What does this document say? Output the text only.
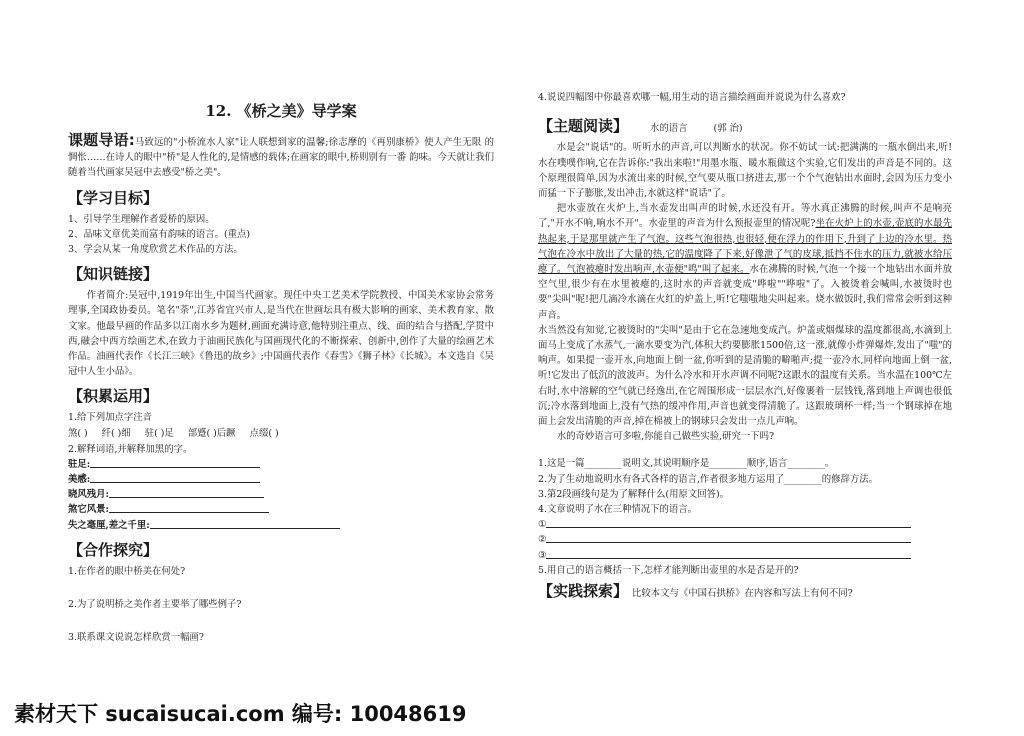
12. 《桥之美》导学案

课题导语:马致远的"小桥流水人家"让人联想到家的温馨;徐志摩的《再别康桥》使人产生无限 的惆怅……在诗人的眼中"桥"是人性化的,是情感的载体;在画家的眼中,桥则别有一番 韵味。今天就让我们随着当代画家吴冠中去感受"桥之美"。

【学习目标】

1、引导学生理解作者爱桥的原因。

2、品味文章优美而富有韵味的语言。(重点)

3、学会从某一角度欣赏艺术作品的方法。

【知识链接】

作者简介:吴冠中,1919年出生,中国当代画家。现任中央工艺美术学院教授、中国美术家协会常务理事,全国政协委员。笔名"荼",江苏省宜兴市人,是当代在世画坛具有极大影响的画家、美术教育家、散文家。他最早画的作品多以江南水乡为题材,画面充满诗意,他特别注重点、线、面的结合与搭配,学贯中西,融会中西方绘画艺术,在致力于油画民族化与国画现代化的不断探索、创新中,创作了大量的绘画艺术作品。油画代表作《长江三峡》《鲁迅的故乡》;中国画代表作《春雪》《狮子林》《长城》。本文选自《吴冠中人生小品》。

【积累运用】

1.给下列加点字注音

煞( ) 纤( )细 驻( )足 部蹙( )后蹶 点缀( )

2.解释词语,并解释加黑的字。

驻足:
美感:
晓风残月:
煞它风景:
失之毫厘,差之千里:
【合作探究】

1.在作者的眼中桥美在何处?

2.为了说明桥之美作者主要举了哪些例子?

3.联系课文说说怎样欣赏一幅画?

4.说说四幅图中你最喜欢哪一幅,用生动的语言描绘画面并说说为什么喜欢?

【主题阅读】 水的语言	(郭 治)

水是会"说话"的。听听水的声音,可以判断水的状况。你不妨试一试:把满满的一瓶水倒出来,听!水在噗噗作响,它在告诉你:"我出来啦!"用墨水瓶、暖水瓶做这个实验,它们发出的声音是不同的。这个原理很简单,因为水流出来的时候,空气要从瓶口挤进去,那一个个气泡钻出水面时,会因为压力变小而猛一下子膨胀,发出冲击,水就这样"说话"了。

把水壶放在火炉上,当水壶发出叫声的时候,水还没有开。等水真正沸腾的时候,叫声不是响亮了,"开水不响,响水不开"。水壶里的声音为什么预报壶里的情况呢?坐在火炉上的水壶,壶底的水最先热起来,于是那里就产生了气泡。这些气泡很热,也很轻,便在浮力的作用下,升到了上边的冷水里。热气泡在冷水中放出了大量的热,它的温度降了下来,好像泄了气的皮球,抵挡不住水的压力,就被水给压瘪了。气泡被瘪时发出响声,水壶便"鸣"叫了起来。水在沸腾的时候,气泡一个接一个地钻出水面并放空气里,很少有在水里被瘪的,这时水的声音就变成"哗啦""哗啦"了。入被烫着会喊叫,水被烫时也要"尖叫"呢!把几滴冷水滴在火红的炉盖上,听!它嗤嗤地尖叫起来。烧水做饭时,我们常常会听到这种声音。

水当然没有知觉,它被烫时的"尖叫"是由于它在急速地变成汽。炉盖或烟煤球的温度都很高,水滴到上面马上变成了水蒸气,一滴水要变为汽,体积大约要膨胀1500倍,这一涨,就像小炸弹爆炸,发出了"嗤"的响声。如果提一壶开水,向地面上倒一盆,你听到的是清脆的噼啪声;提一壶冷水,同样向地面上倒一盆,听!它发出了低沉的波波声。为什么冷水和开水声调不同呢?这跟水的温度有关系。当水温在100℃左右时,水中溶解的空气就已经逸出,在它周围形成一层层水汽,好像裹着一层钱钱,落到地上声调也很低沉;冷水落到地面上,没有气热的缓冲作用,声音也就变得清脆了。这跟玻璃杯一样;当一个钢球掉在地面上会发出清脆的声音,掉在棉被上的钢球只会发出一点儿声响。

水的奇妙语言可多啦,你能自己做些实验,研究一下吗?

1.这是一篇________说明文,其说明顺序是________顺序,语言________。

2.为了生动地说明水有各式各样的语言,作者很多地方运用了________的修辞方法。

3.第2段画线句是为了解释什么(用原文回答)。

4.文章说明了水在三种情况下的语言。

①
②
③

5.用自己的语言概括一下,怎样才能判断出壶里的水是否是开的?

【实践探索】 比较本文与《中国石拱桥》在内容和写法上有何不同?
素材天下 sucaisucai.com 编号: 10048619
